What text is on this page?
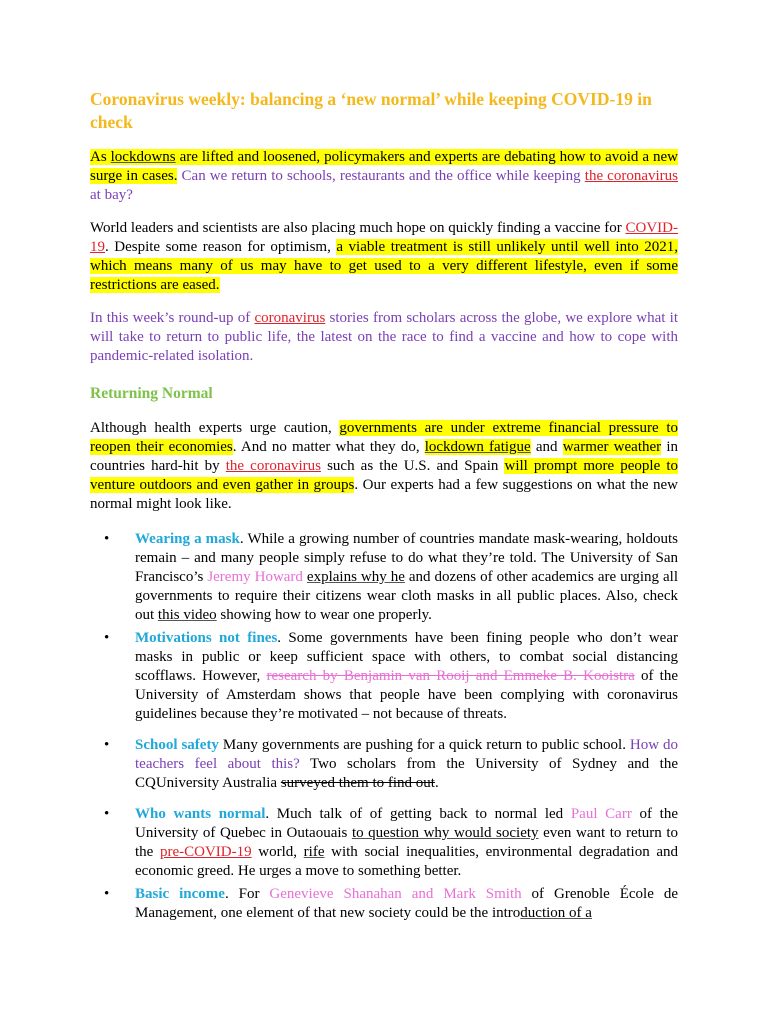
Coronavirus weekly: balancing a ‘new normal’ while keeping COVID-19 in check

As lockdowns are lifted and loosened, policymakers and experts are debating how to avoid a new surge in cases. Can we return to schools, restaurants and the office while keeping the coronavirus at bay?

World leaders and scientists are also placing much hope on quickly finding a vaccine for COVID-19. Despite some reason for optimism, a viable treatment is still unlikely until well into 2021, which means many of us may have to get used to a very different lifestyle, even if some restrictions are eased.

In this week’s round-up of coronavirus stories from scholars across the globe, we explore what it will take to return to public life, the latest on the race to find a vaccine and how to cope with pandemic-related isolation.

Returning Normal

Although health experts urge caution, governments are under extreme financial pressure to reopen their economies. And no matter what they do, lockdown fatigue and warmer weather in countries hard-hit by the coronavirus such as the U.S. and Spain will prompt more people to venture outdoors and even gather in groups. Our experts had a few suggestions on what the new normal might look like.

• Wearing a mask. While a growing number of countries mandate mask-wearing, holdouts remain – and many people simply refuse to do what they’re told. The University of San Francisco’s Jeremy Howard explains why he and dozens of other academics are urging all governments to require their citizens wear cloth masks in all public places. Also, check out this video showing how to wear one properly.
• Motivations not fines. Some governments have been fining people who don’t wear masks in public or keep sufficient space with others, to combat social distancing scofflaws. However, research by Benjamin van Rooij and Emmeke B. Kooistra of the University of Amsterdam shows that people have been complying with coronavirus guidelines because they’re motivated – not because of threats.
• School safety Many governments are pushing for a quick return to public school. How do teachers feel about this? Two scholars from the University of Sydney and the CQUniversity Australia surveyed them to find out.
• Who wants normal. Much talk of of getting back to normal led Paul Carr of the University of Quebec in Outaouais to question why would society even want to return to the pre-COVID-19 world, rife with social inequalities, environmental degradation and economic greed. He urges a move to something better.
• Basic income. For Genevieve Shanahan and Mark Smith of Grenoble École de Management, one element of that new society could be the introduction of a
